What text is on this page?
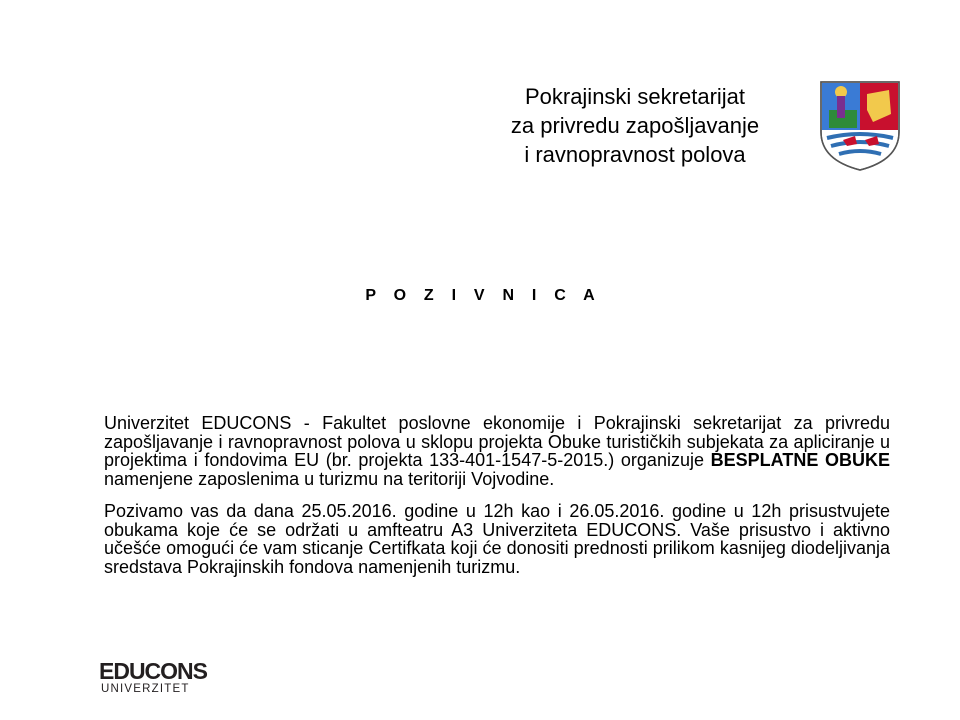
Pokrajinski sekretarijat
za privredu zapošljavanje
i ravnopravnost polova
P O Z I V N I C A

Univerzitet EDUCONS - Fakultet poslovne ekonomije i Pokrajinski sekretarijat za privredu zapošljavanje i ravnopravnost polova u sklopu projekta Obuke turističkih subjekata za apliciranje u projektima i fondovima EU (br. projekta 133-401-1547-5-2015.) organizuje BESPLATNE OBUKE namenjene zaposlenima u turizmu na teritoriji Vojvodine.

Pozivamo vas da dana 25.05.2016. godine u 12h kao i 26.05.2016. godine u 12h prisustvujete obukama koje će se održati u amfteatru A3 Univerziteta EDUCONS. Vaše prisustvo i aktivno učešće omogući će vam sticanje Certifkata koji će donositi prednosti prilikom kasnijeg diodeljivanja sredstava Pokrajinskih fondova namenjenih turizmu.

EDUCONS
UNIVERZITET
